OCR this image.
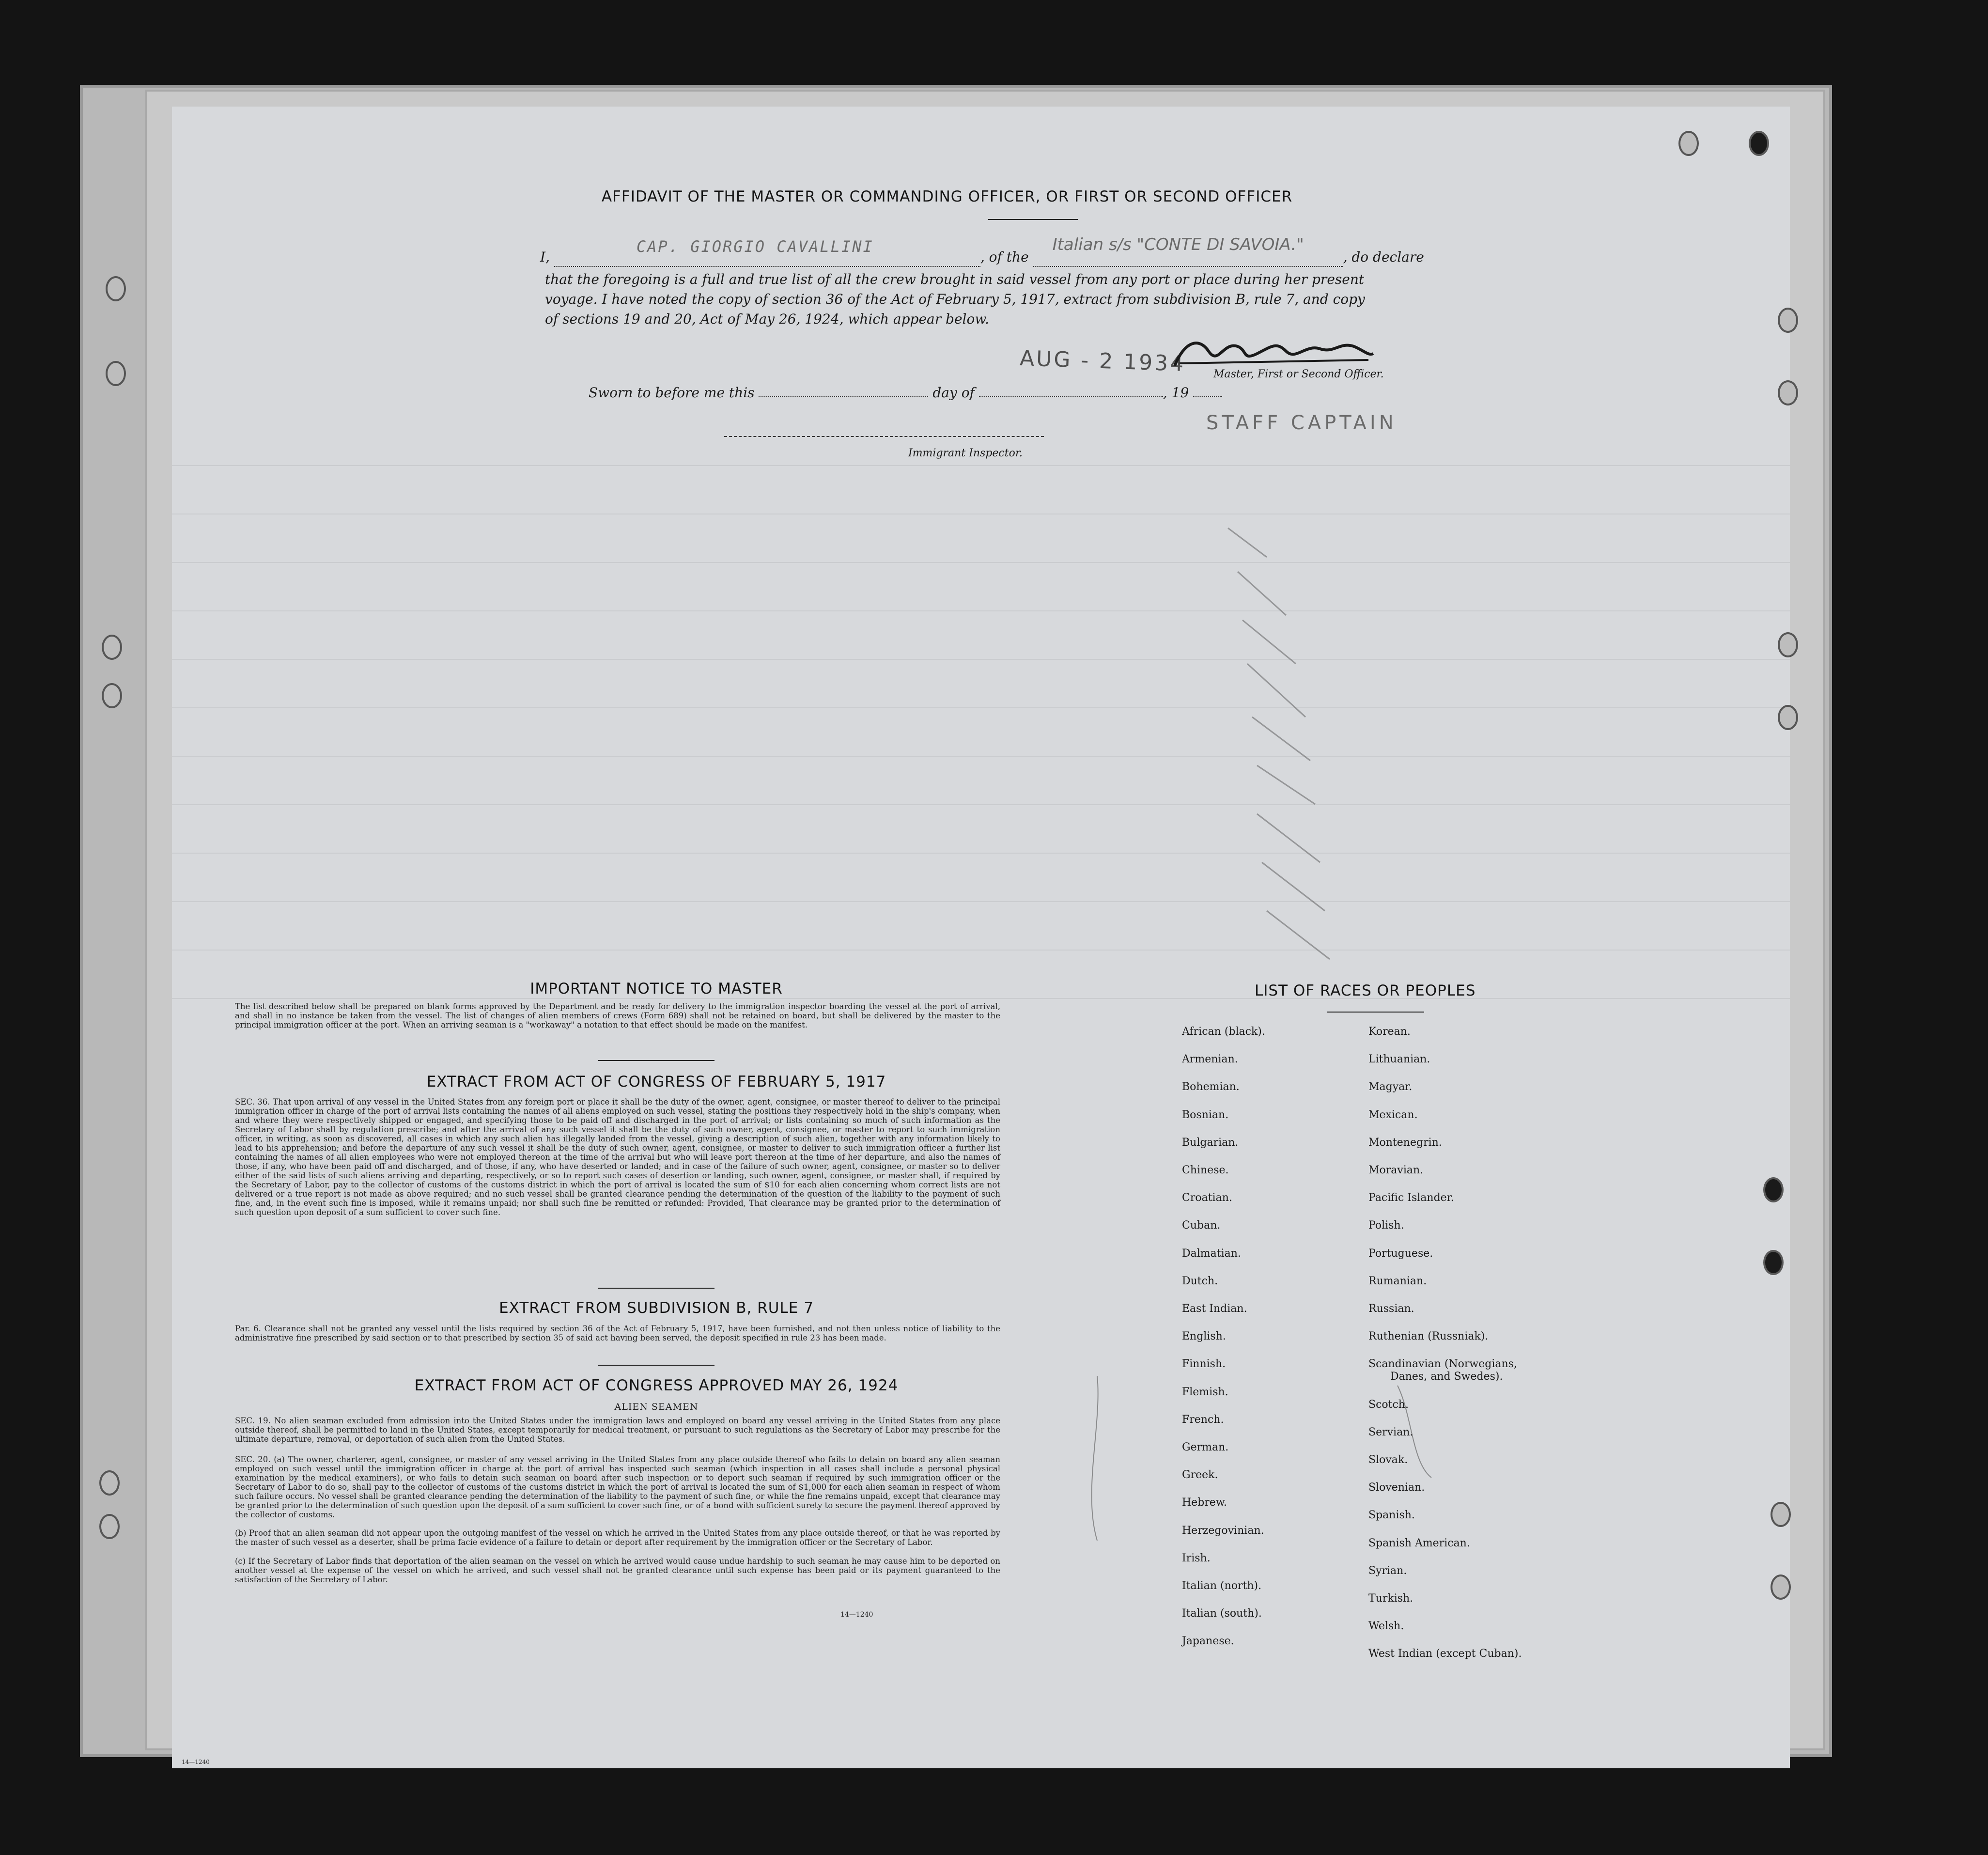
AFFIDAVIT OF THE MASTER OR COMMANDING OFFICER, OR FIRST OR SECOND OFFICER
I,
CAP. GIORGIO CAVALLINI
, of the
Italian s/s "CONTE DI SAVOIA."
, do declare
that the foregoing is a full and true list of all the crew brought in said vessel from any port or place during her present
voyage. I have noted the copy of section 36 of the Act of February 5, 1917, extract from subdivision B, rule 7, and copy
of sections 19 and 20, Act of May 26, 1924, which appear below.
AUG - 2 1934	Master, First or Second Officer.
Sworn to before me this	day of	, 19
STAFF CAPTAIN
Immigrant Inspector.
IMPORTANT NOTICE TO MASTER
The list described below shall be prepared on blank forms approved by the Department and be ready for delivery to the immigration inspector boarding the vessel at the port of arrival, and shall in no instance be taken from the vessel. The list of changes of alien members of crews (Form 689) shall not be retained on board, but shall be delivered by the master to the principal immigration officer at the port. When an arriving seaman is a "workaway" a notation to that effect should be made on the manifest.
EXTRACT FROM ACT OF CONGRESS OF FEBRUARY 5, 1917
SEC. 36. That upon arrival of any vessel in the United States from any foreign port or place it shall be the duty of the owner, agent, consignee, or master thereof to deliver to the principal immigration officer in charge of the port of arrival lists containing the names of all aliens employed on such vessel, stating the positions they respectively hold in the ship's company, when and where they were respectively shipped or engaged, and specifying those to be paid off and discharged in the port of arrival; or lists containing so much of such information as the Secretary of Labor shall by regulation prescribe; and after the arrival of any such vessel it shall be the duty of such owner, agent, consignee, or master to report to such immigration officer, in writing, as soon as discovered, all cases in which any such alien has illegally landed from the vessel, giving a description of such alien, together with any information likely to lead to his apprehension; and before the departure of any such vessel it shall be the duty of such owner, agent, consignee, or master to deliver to such immigration officer a further list containing the names of all alien employees who were not employed thereon at the time of the arrival but who will leave port thereon at the time of her departure, and also the names of those, if any, who have been paid off and discharged, and of those, if any, who have deserted or landed; and in case of the failure of such owner, agent, consignee, or master so to deliver either of the said lists of such aliens arriving and departing, respectively, or so to report such cases of desertion or landing, such owner, agent, consignee, or master shall, if required by the Secretary of Labor, pay to the collector of customs of the customs district in which the port of arrival is located the sum of $10 for each alien concerning whom correct lists are not delivered or a true report is not made as above required; and no such vessel shall be granted clearance pending the determination of the question of the liability to the payment of such fine, and, in the event such fine is imposed, while it remains unpaid; nor shall such fine be remitted or refunded: Provided, That clearance may be granted prior to the determination of such question upon deposit of a sum sufficient to cover such fine.
EXTRACT FROM SUBDIVISION B, RULE 7
Par. 6. Clearance shall not be granted any vessel until the lists required by section 36 of the Act of February 5, 1917, have been furnished, and not then unless notice of liability to the administrative fine prescribed by said section or to that prescribed by section 35 of said act having been served, the deposit specified in rule 23 has been made.
EXTRACT FROM ACT OF CONGRESS APPROVED MAY 26, 1924
ALIEN SEAMEN
SEC. 19. No alien seaman excluded from admission into the United States under the immigration laws and employed on board any vessel arriving in the United States from any place outside thereof, shall be permitted to land in the United States, except temporarily for medical treatment, or pursuant to such regulations as the Secretary of Labor may prescribe for the ultimate departure, removal, or deportation of such alien from the United States.
SEC. 20. (a) The owner, charterer, agent, consignee, or master of any vessel arriving in the United States from any place outside thereof who fails to detain on board any alien seaman employed on such vessel until the immigration officer in charge at the port of arrival has inspected such seaman (which inspection in all cases shall include a personal physical examination by the medical examiners), or who fails to detain such seaman on board after such inspection or to deport such seaman if required by such immigration officer or the Secretary of Labor to do so, shall pay to the collector of customs of the customs district in which the port of arrival is located the sum of $1,000 for each alien seaman in respect of whom such failure occurs. No vessel shall be granted clearance pending the determination of the liability to the payment of such fine, or while the fine remains unpaid, except that clearance may be granted prior to the determination of such question upon the deposit of a sum sufficient to cover such fine, or of a bond with sufficient surety to secure the payment thereof approved by the collector of customs.
(b) Proof that an alien seaman did not appear upon the outgoing manifest of the vessel on which he arrived in the United States from any place outside thereof, or that he was reported by the master of such vessel as a deserter, shall be prima facie evidence of a failure to detain or deport after requirement by the immigration officer or the Secretary of Labor.
(c) If the Secretary of Labor finds that deportation of the alien seaman on the vessel on which he arrived would cause undue hardship to such seaman he may cause him to be deported on another vessel at the expense of the vessel on which he arrived, and such vessel shall not be granted clearance until such expense has been paid or its payment guaranteed to the satisfaction of the Secretary of Labor.
14—1240
LIST OF RACES OR PEOPLES
African (black).
Armenian.
Bohemian.
Bosnian.
Bulgarian.
Chinese.
Croatian.
Cuban.
Dalmatian.
Dutch.
East Indian.
English.
Finnish.
Flemish.
French.
German.
Greek.
Hebrew.
Herzegovinian.
Irish.
Italian (north).
Italian (south).
Japanese.
Korean.
Lithuanian.
Magyar.
Mexican.
Montenegrin.
Moravian.
Pacific Islander.
Polish.
Portuguese.
Rumanian.
Russian.
Ruthenian (Russniak).
Scandinavian (Norwegians,
Danes, and Swedes).
Scotch.
Servian.
Slovak.
Slovenian.
Spanish.
Spanish American.
Syrian.
Turkish.
Welsh.
West Indian (except Cuban).
14—1240
